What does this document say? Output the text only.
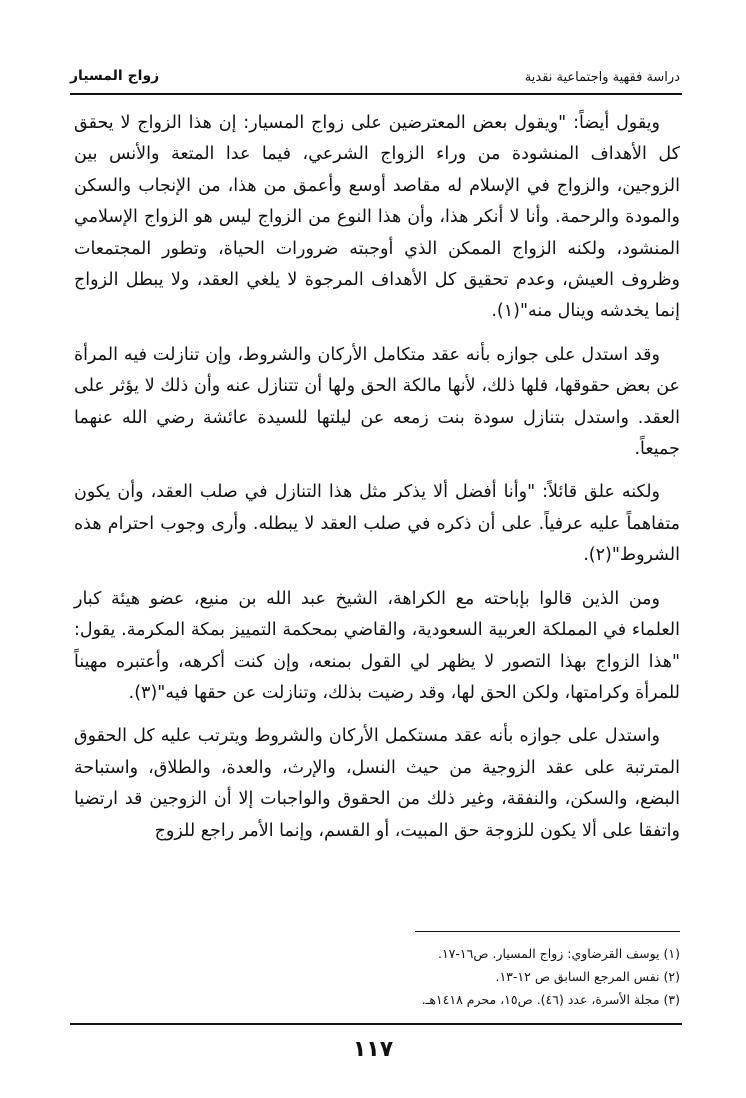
دراسة فقهية واجتماعية نقدية
زواج المسيار

ويقول أيضاً: "ويقول بعض المعترضين على زواج المسيار: إن هذا الزواج لا يحقق كل الأهداف المنشودة من وراء الزواج الشرعي، فيما عدا المتعة والأنس بين الزوجين، والزواج في الإسلام له مقاصد أوسع وأعمق من هذا، من الإنجاب والسكن والمودة والرحمة. وأنا لا أنكر هذا، وأن هذا النوع من الزواج ليس هو الزواج الإسلامي المنشود، ولكنه الزواج الممكن الذي أوجبته ضرورات الحياة، وتطور المجتمعات وظروف العيش، وعدم تحقيق كل الأهداف المرجوة لا يلغي العقد، ولا يبطل الزواج إنما يخدشه وينال منه"(١).

وقد استدل على جوازه بأنه عقد متكامل الأركان والشروط، وإن تنازلت فيه المرأة عن بعض حقوقها، فلها ذلك، لأنها مالكة الحق ولها أن تتنازل عنه وأن ذلك لا يؤثر على العقد. واستدل بتنازل سودة بنت زمعه عن ليلتها للسيدة عائشة رضي الله عنهما جميعاً.

ولكنه علق قائلاً: "وأنا أفضل ألا يذكر مثل هذا التنازل في صلب العقد، وأن يكون متفاهماً عليه عرفياً. على أن ذكره في صلب العقد لا يبطله. وأرى وجوب احترام هذه الشروط"(٢).

ومن الذين قالوا بإباحته مع الكراهة، الشيخ عبد الله بن منيع، عضو هيئة كبار العلماء في المملكة العربية السعودية، والقاضي بمحكمة التمييز بمكة المكرمة. يقول: "هذا الزواج بهذا التصور لا يظهر لي القول بمنعه، وإن كنت أكرهه، وأعتبره مهيناً للمرأة وكرامتها، ولكن الحق لها، وقد رضيت بذلك، وتنازلت عن حقها فيه"(٣).

واستدل على جوازه بأنه عقد مستكمل الأركان والشروط ويترتب عليه كل الحقوق المترتبة على عقد الزوجية من حيث النسل، والإرث، والعدة، والطلاق، واستباحة البضع، والسكن، والنفقة، وغير ذلك من الحقوق والواجبات إلا أن الزوجين قد ارتضيا واتفقا على ألا يكون للزوجة حق المبيت، أو القسم، وإنما الأمر راجع للزوج

(١) يوسف القرضاوي: زواج المسيار. ص١٦-١٧.

(٢) نفس المرجع السابق ص ١٢-١٣.

(٣) مجلة الأسرة، عدد (٤٦). ص١٥، محرم ١٤١٨هـ.

١١٧
